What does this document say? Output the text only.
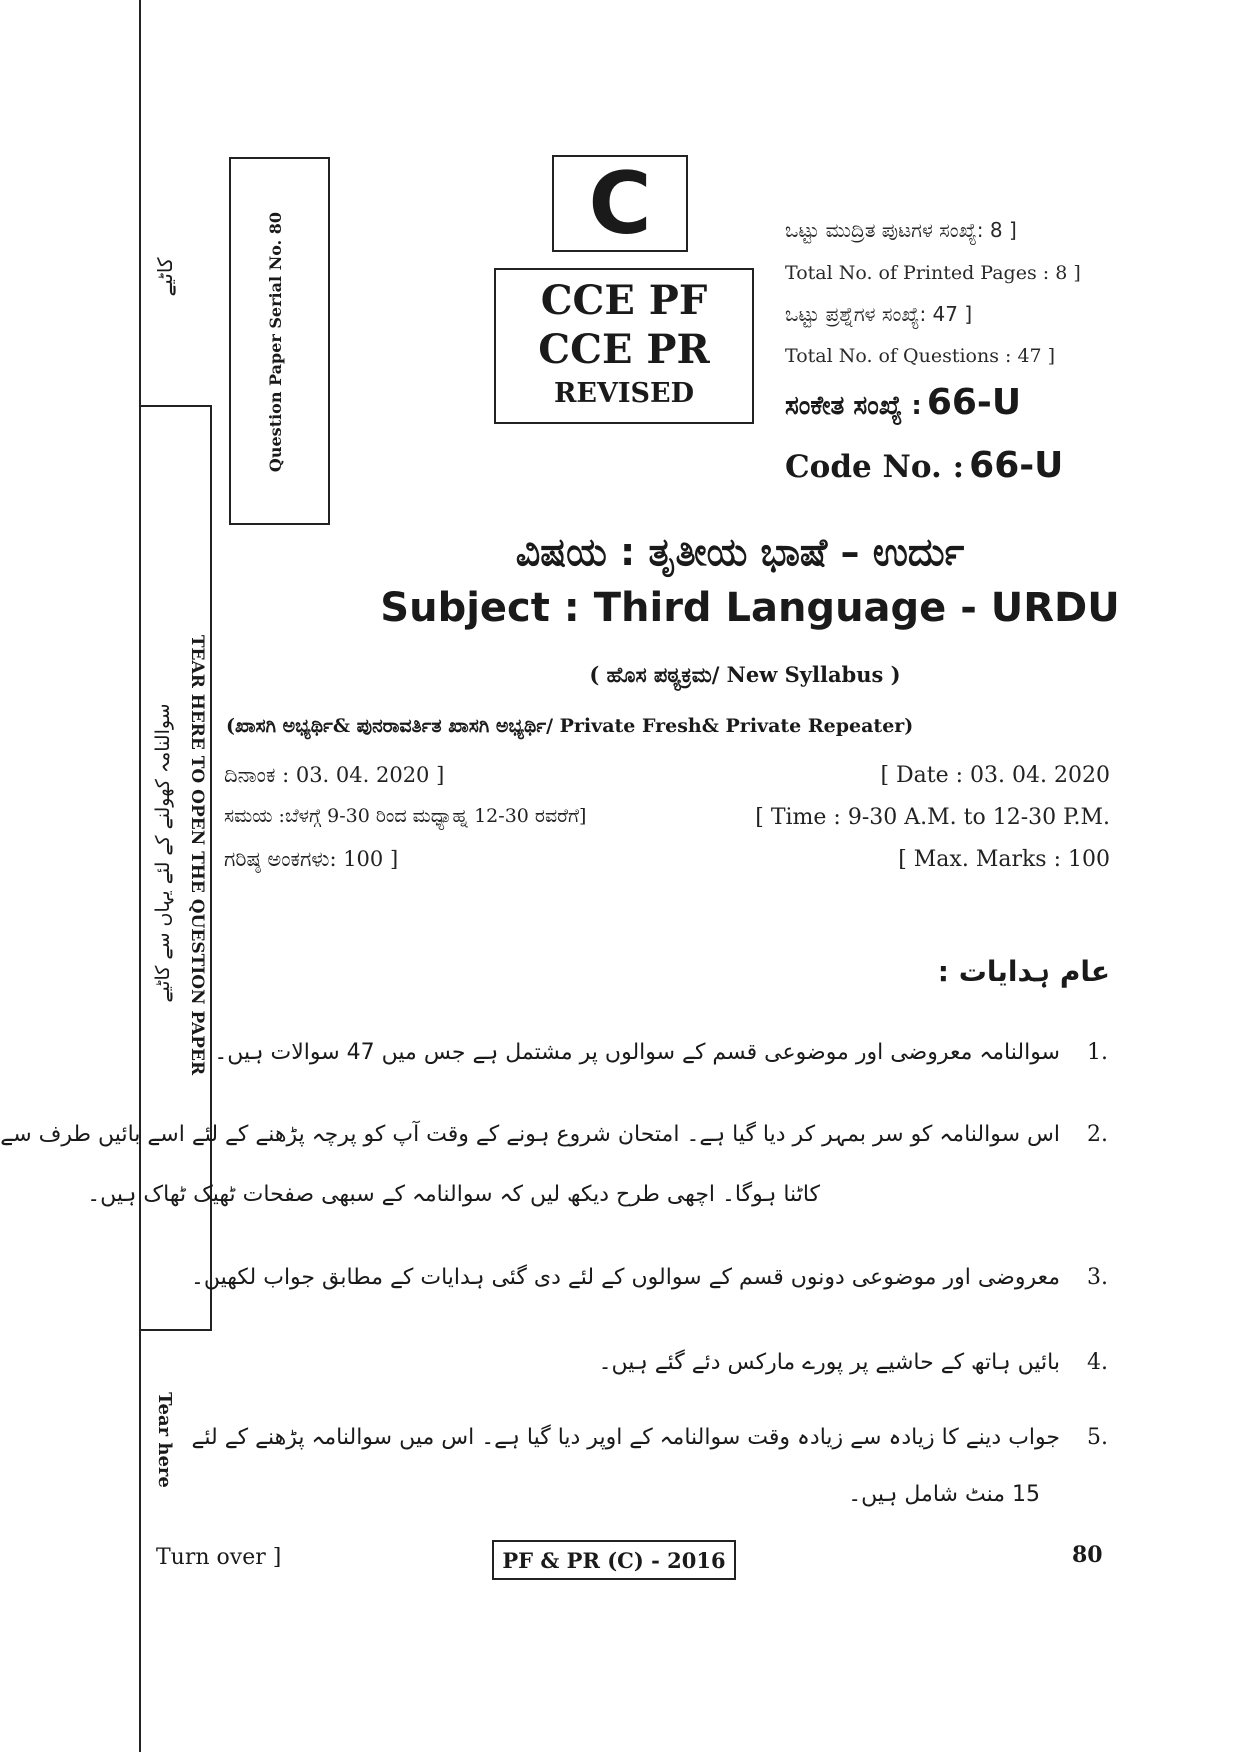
کاٹیے
TEAR HERE TO OPEN THE QUESTION PAPER
سوالنامہ کھولنے کے لئے یہاں سے کاٹیے
Tear here
Question Paper Serial No. 80
C
CCE PF
CCE PR
REVISED
ಒಟ್ಟು ಮುದ್ರಿತ ಪುಟಗಳ ಸಂಖ್ಯೆ: 8 ]
Total No. of Printed Pages : 8 ]
ಒಟ್ಟು ಪ್ರಶ್ನೆಗಳ ಸಂಖ್ಯೆ: 47 ]
Total No. of Questions : 47 ]
ಸಂಕೇತ ಸಂಖ್ಯೆ : 66-U
Code No. : 66-U
ವಿಷಯ : ತೃತೀಯ ಭಾಷೆ – ಉರ್ದು
Subject : Third Language - URDU
( ಹೊಸ ಪಠ್ಯಕ್ರಮ/ New Syllabus )
(ಖಾಸಗಿ ಅಭ್ಯರ್ಥಿ& ಪುನರಾವರ್ತಿತ ಖಾಸಗಿ ಅಭ್ಯರ್ಥಿ/ Private Fresh& Private Repeater)
ದಿನಾಂಕ : 03. 04. 2020 ]	[ Date : 03. 04. 2020
ಸಮಯ :ಬೆಳಗ್ಗೆ 9-30 ರಿಂದ ಮಧ್ಯಾಹ್ನ 12-30 ರವರೆಗೆ]	[ Time : 9-30 A.M. to 12-30 P.M.
ಗರಿಷ್ಠ ಅಂಕಗಳು: 100 ]	[ Max. Marks : 100
عام ہدایات :
1.
سوالنامہ معروضی اور موضوعی قسم کے سوالوں پر مشتمل ہے جس میں 47 سوالات ہیں۔
2.
اس سوالنامہ کو سر بمہر کر دیا گیا ہے۔ امتحان شروع ہونے کے وقت آپ کو پرچہ پڑھنے کے لئے اسے بائیں طرف سے
کاٹنا ہوگا۔ اچھی طرح دیکھ لیں کہ سوالنامہ کے سبھی صفحات ٹھیک ٹھاک ہیں۔
3.
معروضی اور موضوعی دونوں قسم کے سوالوں کے لئے دی گئی ہدایات کے مطابق جواب لکھیں۔
4.
بائیں ہاتھ کے حاشیے پر پورے مارکس دئے گئے ہیں۔
5.
جواب دینے کا زیادہ سے زیادہ وقت سوالنامہ کے اوپر دیا گیا ہے۔ اس میں سوالنامہ پڑھنے کے لئے
15 منٹ شامل ہیں۔
Turn over ]	PF & PR (C) - 2016	80
